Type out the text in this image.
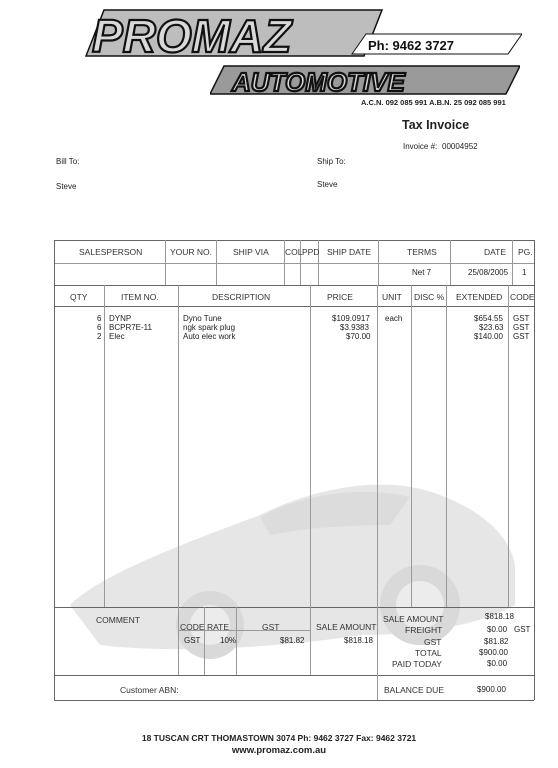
PROMAZ	Ph: 9462 3727
AUTOMOTIVE
A.C.N. 092 085 991 A.B.N. 25 092 085 991
Tax Invoice
Invoice #: 00004952
Bill To:
Steve
Ship To:
Steve
SALESPERSON	YOUR NO. SHIP VIA COL PPD SHIP DATE	TERMS	DATE PG.
Net 7	25/08/2005 1
QTY	ITEM NO.	DESCRIPTION	PRICE	UNIT DISC % EXTENDED CODE
6 DYNP	Dyno Tune	$109.0917 each	$654.55 GST
6 BCPR7E-11	ngk spark plug	$3.9383	$23.63 GST
2 Elec	Auto elec work	$70.00	$140.00 GST
COMMENT
CODE RATE	GST	SALE AMOUNT
GST 10%	$81.82	$818.18
SALE AMOUNT	$818.18
FREIGHT	$0.00 GST
GST	$81.82
TOTAL	$900.00
PAID TODAY	$0.00
Customer ABN:	BALANCE DUE	$900.00
18 TUSCAN CRT THOMASTOWN 3074 Ph: 9462 3727 Fax: 9462 3721
www.promaz.com.au
